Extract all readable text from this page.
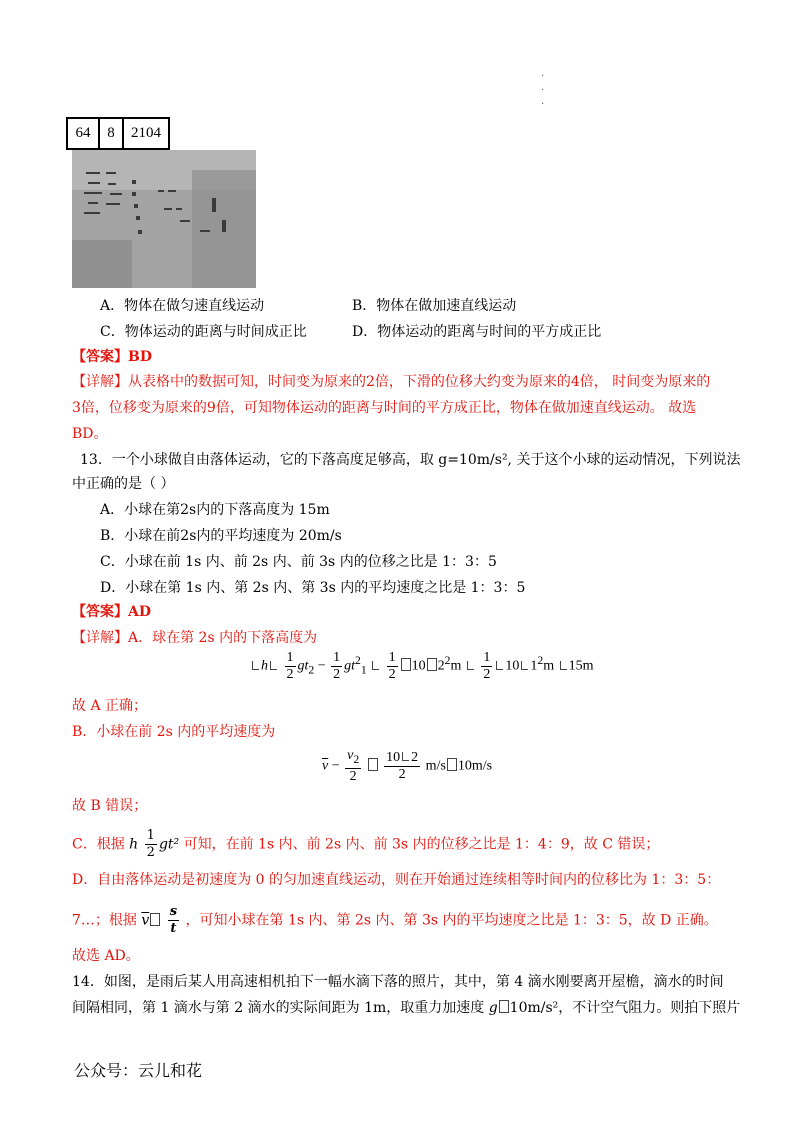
·
·
·
64	8	2104
A．物体在做匀速直线运动	B．物体在做加速直线运动
C．物体运动的距离与时间成正比	D．物体运动的距离与时间的平方成正比
【答案】BD
【详解】从表格中的数据可知，时间变为原来的2倍，下滑的位移大约变为原来的4倍， 时间变为原来的
3倍，位移变为原来的9倍，可知物体运动的距离与时间的平方成正比，物体在做加速直线运动。 故选
BD。
13．一个小球做自由落体运动，它的下落高度足够高，取 g=10m/s², 关于这个小球的运动情况，下列说法
中正确的是（ ）
A．小球在第2s内的下落高度为 15m
B．小球在前2s内的平均速度为 20m/s
C．小球在前 1s 内、前 2s 内、前 3s 内的位移之比是 1：3：5
D．小球在第 1s 内、第 2s 内、第 3s 内的平均速度之比是 1：3：5
【答案】AD
【详解】A．球在第 2s 内的下落高度为
h $\frac{1}{2} gt_2 - \frac{1}{2} gt^2_1 \frac{1}{2} 10$ $2^2m \frac{1}{2} 10$ $1^2m$ 15m
故 A 正确；
B．小球在前 2s 内的平均速度为
$\overline{v} - \frac{v_2}{2}$
$\frac{10 2}{2} m/s$ 10m/s
故 B 错误；
C．根据 h $\frac{1}{2} gt^2$ 可知，在前 1s 内、前 2s 内、前 3s 内的位移之比是 1：4：9，故 C 错误；
D．自由落体运动是初速度为 0 的匀加速直线运动，则在开始通过连续相等时间内的位移比为 1：3：5：
7…；根据 $\overline{v} \frac{s}{t}$ ，可知小球在第 1s 内、第 2s 内、第 3s 内的平均速度之比是 1：3：5，故 D 正确。
故选 AD。
14．如图，是雨后某人用高速相机拍下一幅水滴下落的照片，其中，第 4 滴水刚要离开屋檐，滴水的时间
间隔相同，第 1 滴水与第 2 滴水的实际间距为 1m，取重力加速度 g 10m/s²，不计空气阻力。则拍下照片
公众号：云儿和花
